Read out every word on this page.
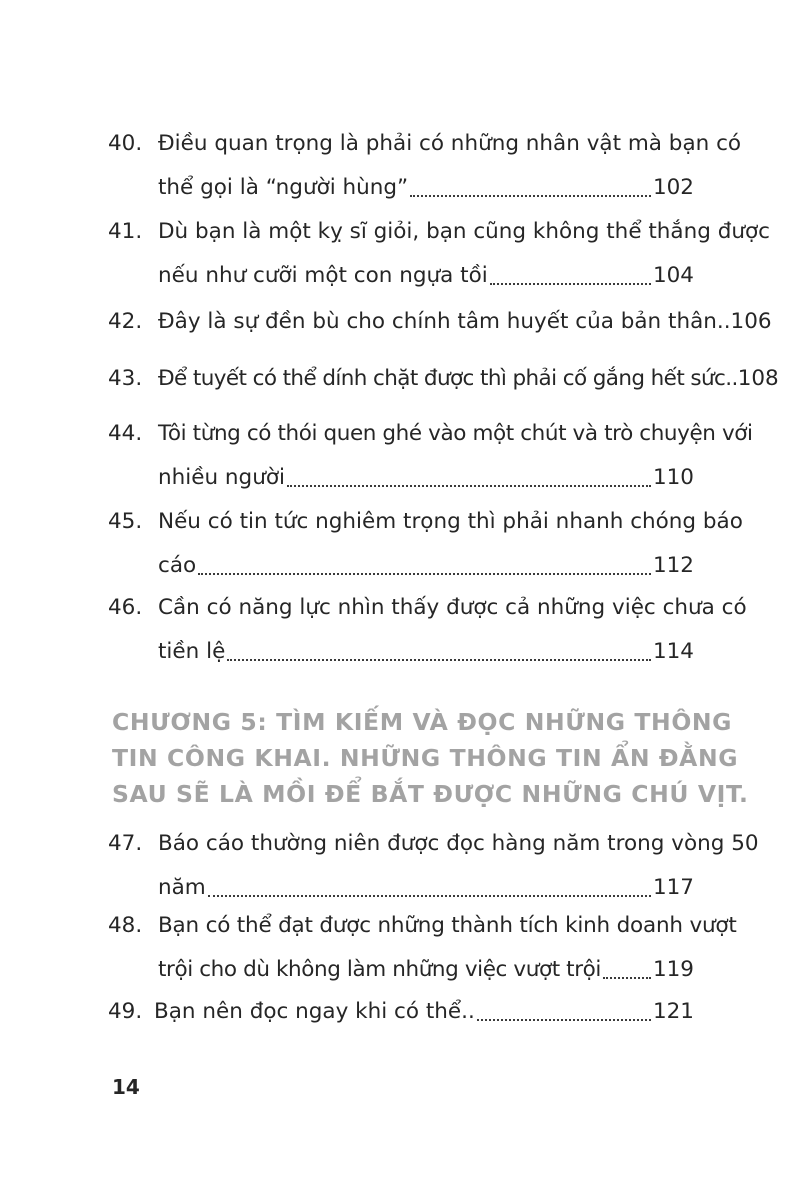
40. Điều quan trọng là phải có những nhân vật mà bạn có
thể gọi là “người hùng”	102
41. Dù bạn là một kỵ sĩ giỏi, bạn cũng không thể thắng được
nếu như cưỡi một con ngựa tồi	104
42. Đây là sự đền bù cho chính tâm huyết của bản thân.. 106
43. Để tuyết có thể dính chặt được thì phải cố gắng hết sức.. 108
44. Tôi từng có thói quen ghé vào một chút và trò chuyện với
nhiều người	110
45. Nếu có tin tức nghiêm trọng thì phải nhanh chóng báo
cáo	112
46. Cần có năng lực nhìn thấy được cả những việc chưa có
tiền lệ	114
CHƯƠNG 5: TÌM KIẾM VÀ ĐỌC NHỮNG THÔNG
TIN CÔNG KHAI. NHỮNG THÔNG TIN ẨN ĐẰNG
SAU SẼ LÀ MỒI ĐỂ BẮT ĐƯỢC NHỮNG CHÚ VỊT.
47. Báo cáo thường niên được đọc hàng năm trong vòng 50
năm	117
48. Bạn có thể đạt được những thành tích kinh doanh vượt
trội cho dù không làm những việc vượt trội 119
49. Bạn nên đọc ngay khi có thể..	121
14
